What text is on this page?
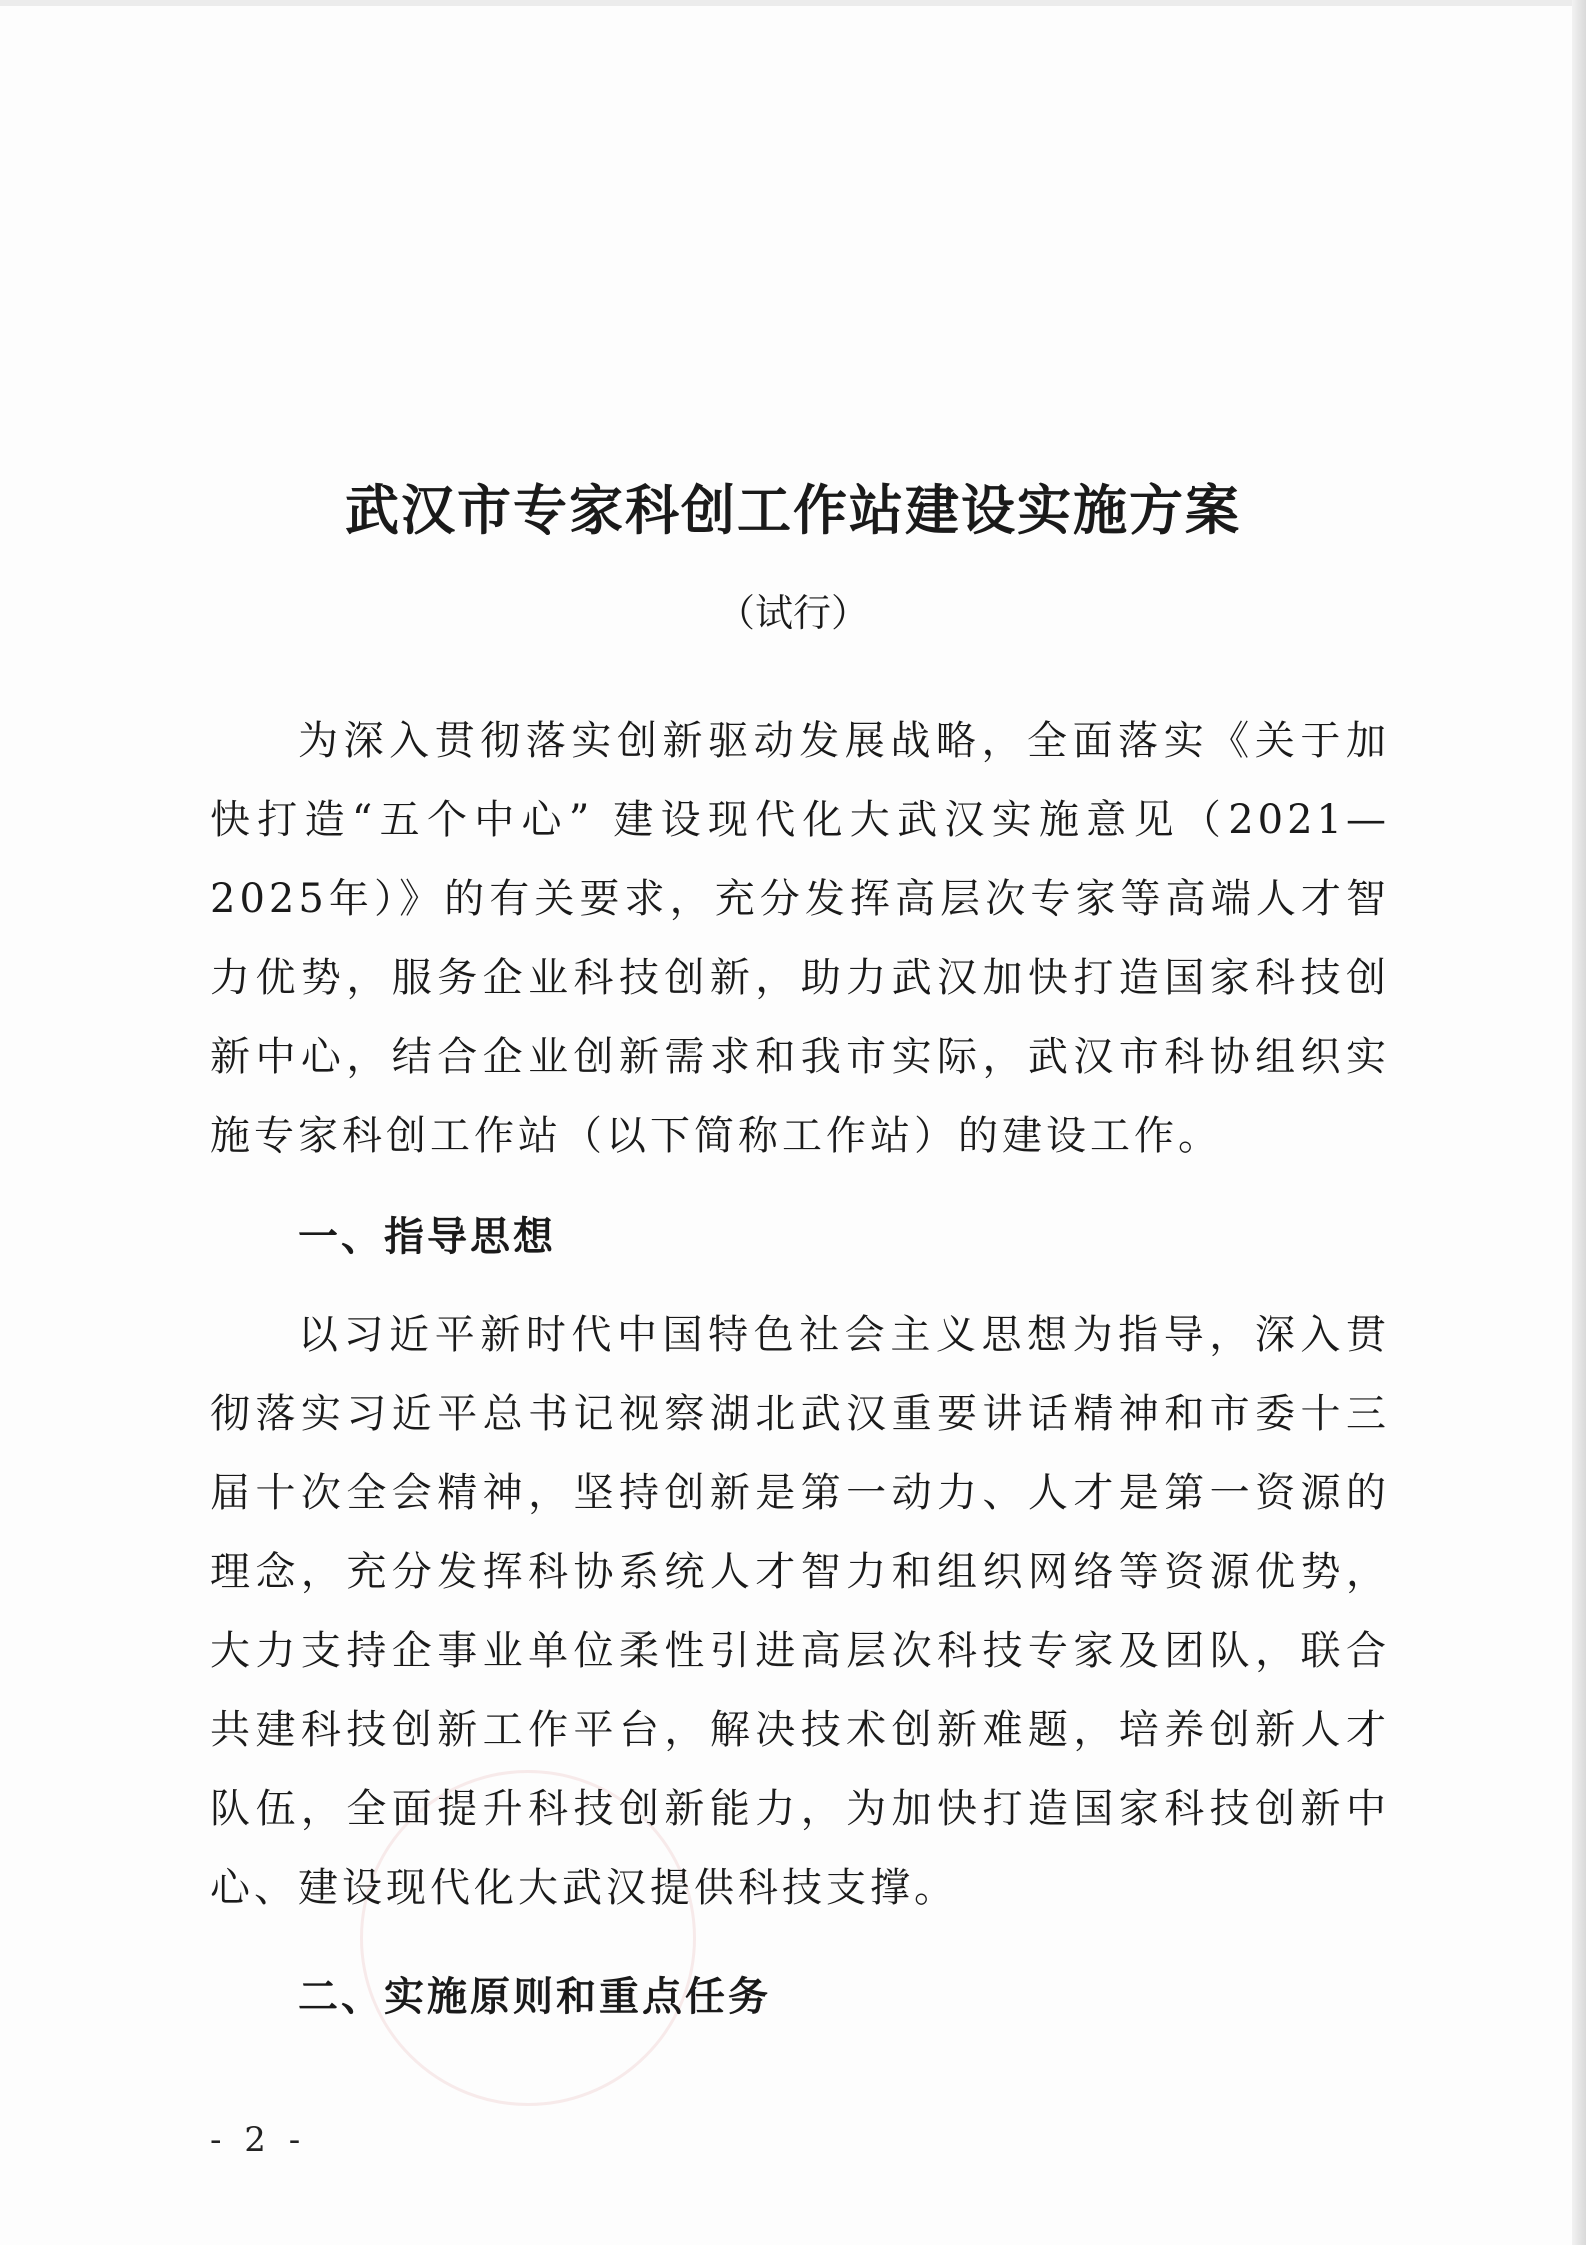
武汉市专家科创工作站建设实施方案
（试行）

为深入贯彻落实创新驱动发展战略，全面落实《关于加快打造“五个中心” 建设现代化大武汉实施意见（2021—2025年）》的有关要求，充分发挥高层次专家等高端人才智力优势，服务企业科技创新，助力武汉加快打造国家科技创新中心，结合企业创新需求和我市实际，武汉市科协组织实施专家科创工作站（以下简称工作站）的建设工作。

一、指导思想

以习近平新时代中国特色社会主义思想为指导，深入贯彻落实习近平总书记视察湖北武汉重要讲话精神和市委十三届十次全会精神，坚持创新是第一动力、人才是第一资源的理念，充分发挥科协系统人才智力和组织网络等资源优势，大力支持企事业单位柔性引进高层次科技专家及团队，联合共建科技创新工作平台，解决技术创新难题，培养创新人才队伍，全面提升科技创新能力，为加快打造国家科技创新中心、建设现代化大武汉提供科技支撑。

二、实施原则和重点任务
- 2 -
